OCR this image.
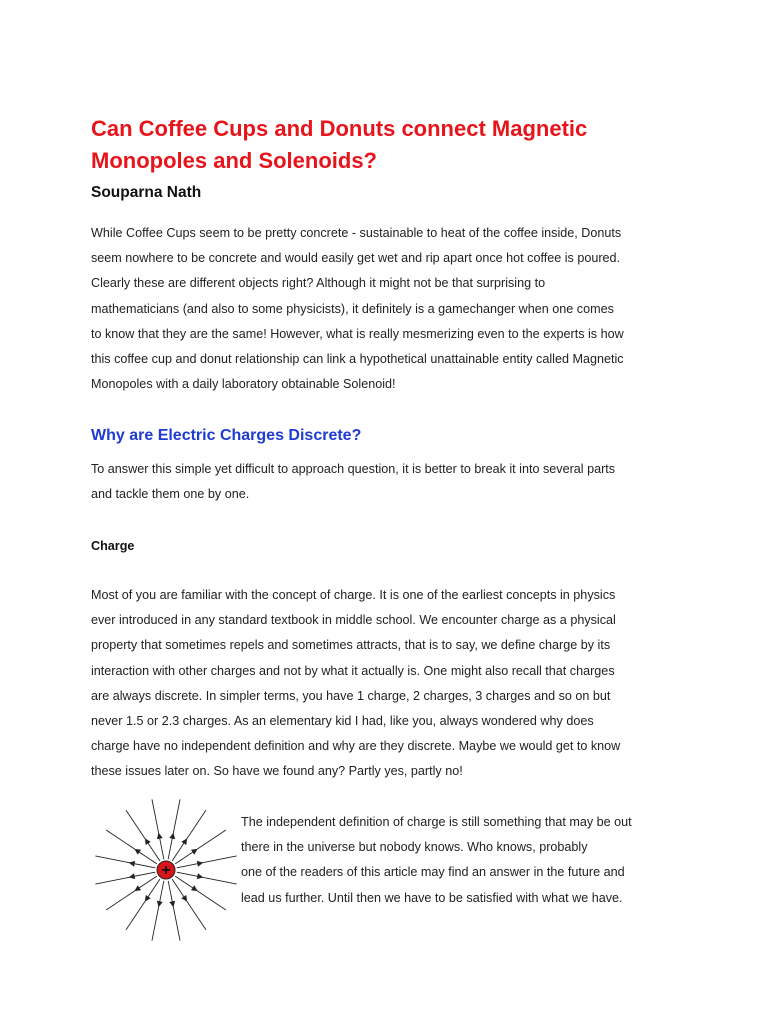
Can Coffee Cups and Donuts connect Magnetic Monopoles and Solenoids?
Souparna Nath

While Coffee Cups seem to be pretty concrete - sustainable to heat of the coffee inside, Donuts
seem nowhere to be concrete and would easily get wet and rip apart once hot coffee is poured.
Clearly these are different objects right? Although it might not be that surprising to
mathematicians (and also to some physicists), it definitely is a gamechanger when one comes
to know that they are the same! However, what is really mesmerizing even to the experts is how
this coffee cup and donut relationship can link a hypothetical unattainable entity called Magnetic
Monopoles with a daily laboratory obtainable Solenoid!

Why are Electric Charges Discrete?

To answer this simple yet difficult to approach question, it is better to break it into several parts
and tackle them one by one.

Charge

Most of you are familiar with the concept of charge. It is one of the earliest concepts in physics
ever introduced in any standard textbook in middle school. We encounter charge as a physical
property that sometimes repels and sometimes attracts, that is to say, we define charge by its
interaction with other charges and not by what it actually is. One might also recall that charges
are always discrete. In simpler terms, you have 1 charge, 2 charges, 3 charges and so on but
never 1.5 or 2.3 charges. As an elementary kid I had, like you, always wondered why does
charge have no independent definition and why are they discrete. Maybe we would get to know
these issues later on. So have we found any? Partly yes, partly no!

+

The independent definition of charge is still something that may be out
there in the universe but nobody knows. Who knows, probably
one of the readers of this article may find an answer in the future and
lead us further. Until then we have to be satisfied with what we have.
